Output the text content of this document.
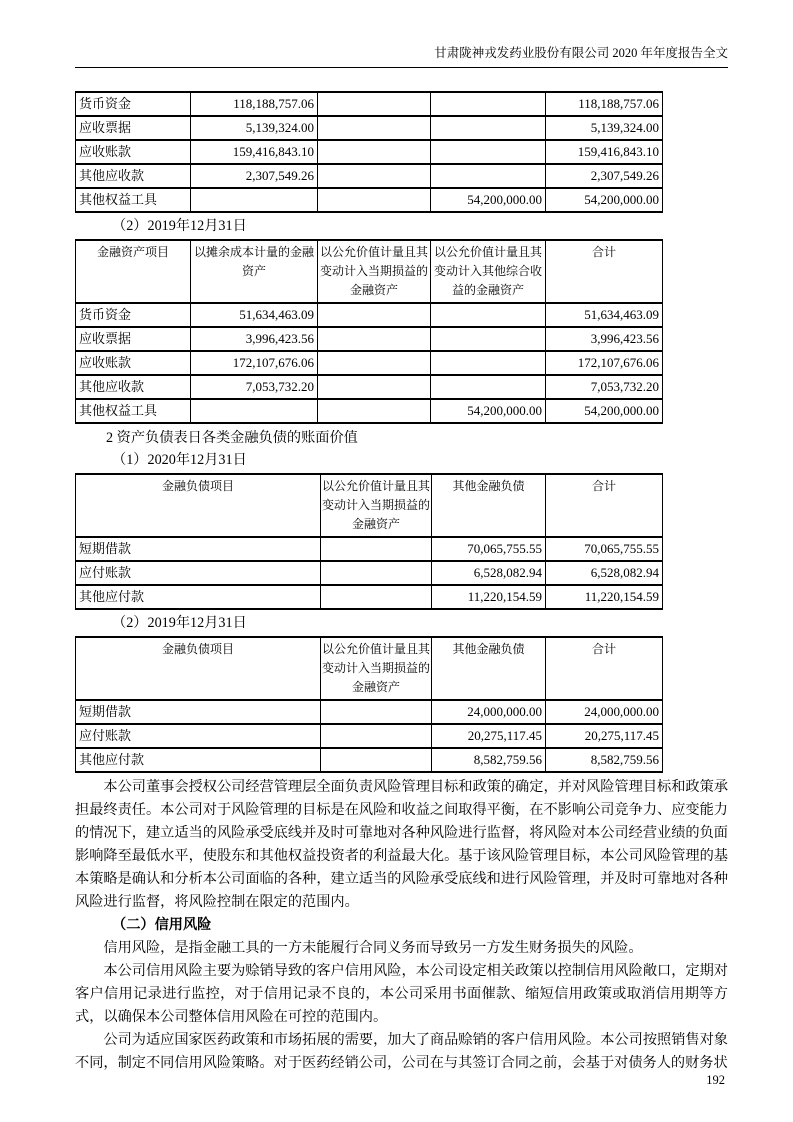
甘肃陇神戎发药业股份有限公司 2020 年年度报告全文
货币资金	118,188,757.06			118,188,757.06
应收票据	5,139,324.00			5,139,324.00
应收账款	159,416,843.10			159,416,843.10
其他应收款	2,307,549.26			2,307,549.26
其他权益工具			54,200,000.00	54,200,000.00

（2）2019年12月31日

金融资产项目	以摊余成本计量的金融资产	以公允价值计量且其变动计入当期损益的金融资产	以公允价值计量且其变动计入其他综合收益的金融资产	合计
货币资金	51,634,463.09			51,634,463.09
应收票据	3,996,423.56			3,996,423.56
应收账款	172,107,676.06			172,107,676.06
其他应收款	7,053,732.20			7,053,732.20
其他权益工具			54,200,000.00	54,200,000.00

2 资产负债表日各类金融负债的账面价值

（1）2020年12月31日

金融负债项目	以公允价值计量且其变动计入当期损益的金融资产	其他金融负债	合计
短期借款		70,065,755.55	70,065,755.55
应付账款		6,528,082.94	6,528,082.94
其他应付款		11,220,154.59	11,220,154.59

（2）2019年12月31日

金融负债项目	以公允价值计量且其变动计入当期损益的金融资产	其他金融负债	合计
短期借款		24,000,000.00	24,000,000.00
应付账款		20,275,117.45	20,275,117.45
其他应付款		8,582,759.56	8,582,759.56

本公司董事会授权公司经营管理层全面负责风险管理目标和政策的确定，并对风险管理目标和政策承担最终责任。本公司对于风险管理的目标是在风险和收益之间取得平衡，在不影响公司竞争力、应变能力的情况下，建立适当的风险承受底线并及时可靠地对各种风险进行监督，将风险对本公司经营业绩的负面影响降至最低水平，使股东和其他权益投资者的利益最大化。基于该风险管理目标，本公司风险管理的基本策略是确认和分析本公司面临的各种，建立适当的风险承受底线和进行风险管理，并及时可靠地对各种风险进行监督，将风险控制在限定的范围内。

（二）信用风险

信用风险，是指金融工具的一方未能履行合同义务而导致另一方发生财务损失的风险。

本公司信用风险主要为赊销导致的客户信用风险，本公司设定相关政策以控制信用风险敞口，定期对客户信用记录进行监控，对于信用记录不良的，本公司采用书面催款、缩短信用政策或取消信用期等方式，以确保本公司整体信用风险在可控的范围内。

公司为适应国家医药政策和市场拓展的需要，加大了商品赊销的客户信用风险。本公司按照销售对象不同，制定不同信用风险策略。对于医药经销公司，公司在与其签订合同之前，会基于对债务人的财务状

192
